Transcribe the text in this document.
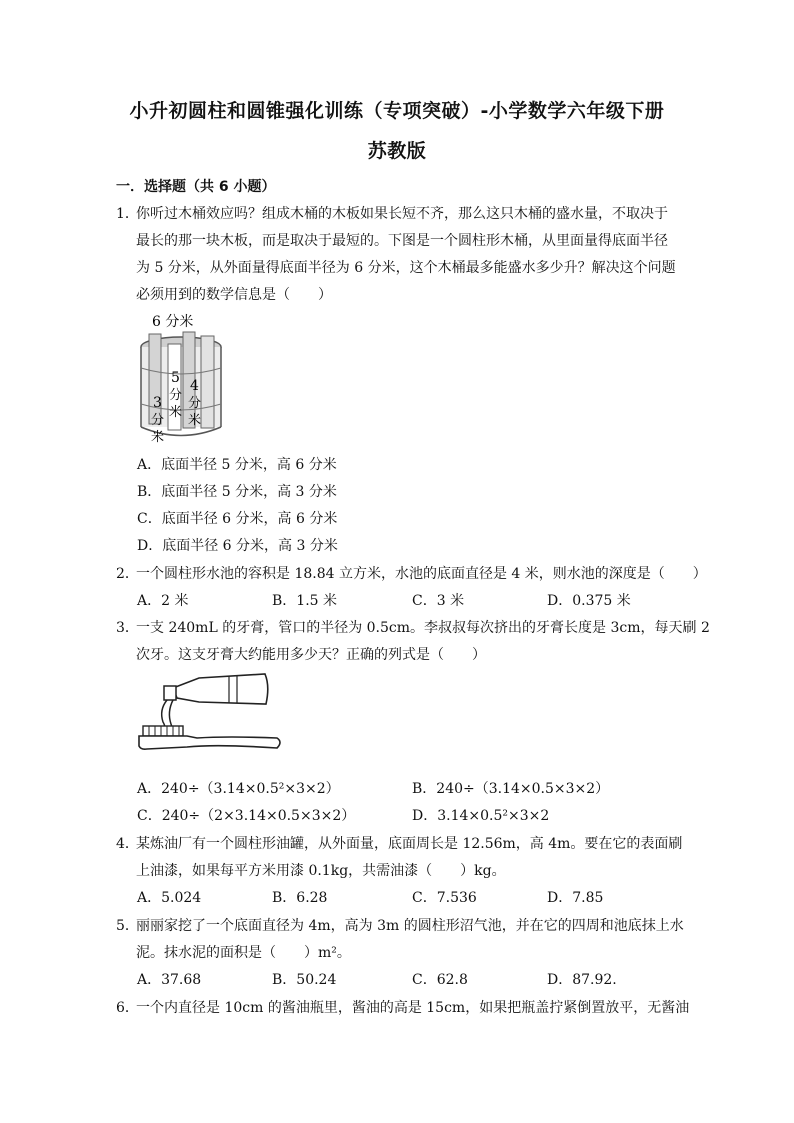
小升初圆柱和圆锥强化训练（专项突破）-小学数学六年级下册
苏教版
一．选择题（共 6 小题）
1．你听过木桶效应吗？组成木桶的木板如果长短不齐，那么这只木桶的盛水量，不取决于
最长的那一块木板，而是取决于最短的。下图是一个圆柱形木桶，从里面量得底面半径
为 5 分米，从外面量得底面半径为 6 分米，这个木桶最多能盛水多少升？解决这个问题
必须用到的数学信息是（　　）
6 分米
5
分
米
4
分
米
3
分
米
A．底面半径 5 分米，高 6 分米
B．底面半径 5 分米，高 3 分米
C．底面半径 6 分米，高 6 分米
D．底面半径 6 分米，高 3 分米
2．一个圆柱形水池的容积是 18.84 立方米，水池的底面直径是 4 米，则水池的深度是（　　）
A．2 米	B．1.5 米	C．3 米	D．0.375 米
3．一支 240mL 的牙膏，管口的半径为 0.5cm。李叔叔每次挤出的牙膏长度是 3cm，每天刷 2
次牙。这支牙膏大约能用多少天？正确的列式是（　　）
A．240÷（3.14×0.5²×3×2）	B．240÷（3.14×0.5×3×2）
C．240÷（2×3.14×0.5×3×2）	D．3.14×0.5²×3×2
4．某炼油厂有一个圆柱形油罐，从外面量，底面周长是 12.56m，高 4m。要在它的表面刷
上油漆，如果每平方米用漆 0.1kg，共需油漆（　　）kg。
A．5.024	B．6.28	C．7.536	D．7.85
5．丽丽家挖了一个底面直径为 4m，高为 3m 的圆柱形沼气池，并在它的四周和池底抹上水
泥。抹水泥的面积是（　　）m²。
A．37.68	B．50.24	C．62.8	D．87.92.
6．一个内直径是 10cm 的酱油瓶里，酱油的高是 15cm，如果把瓶盖拧紧倒置放平，无酱油
